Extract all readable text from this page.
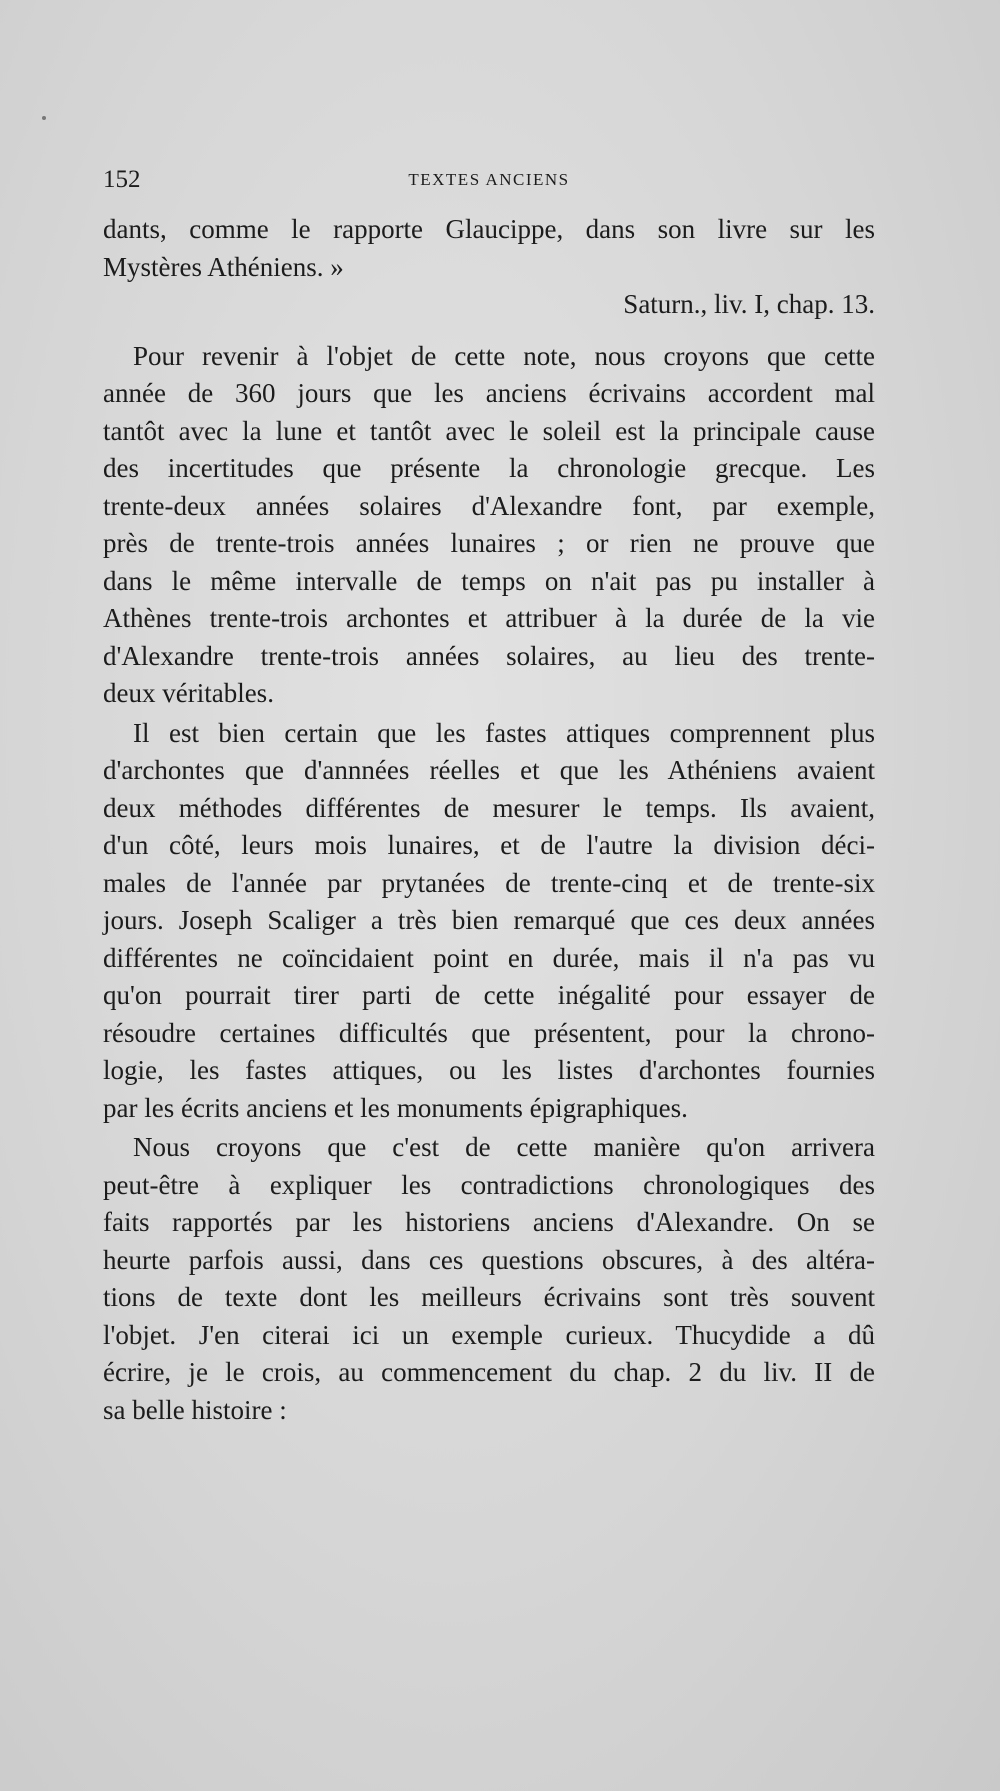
152	TEXTES ANCIENS
dants, comme le rapporte Glaucippe, dans son livre sur les
Mystères Athéniens. »
Saturn., liv. I, chap. 13.
Pour revenir à l'objet de cette note, nous croyons que cette
année de 360 jours que les anciens écrivains accordent mal
tantôt avec la lune et tantôt avec le soleil est la principale cause
des incertitudes que présente la chronologie grecque. Les
trente-deux années solaires d'Alexandre font, par exemple,
près de trente-trois années lunaires ; or rien ne prouve que
dans le même intervalle de temps on n'ait pas pu installer à
Athènes trente-trois archontes et attribuer à la durée de la vie
d'Alexandre trente-trois années solaires, au lieu des trente-
deux véritables.
Il est bien certain que les fastes attiques comprennent plus
d'archontes que d'annnées réelles et que les Athéniens avaient
deux méthodes différentes de mesurer le temps. Ils avaient,
d'un côté, leurs mois lunaires, et de l'autre la division déci-
males de l'année par prytanées de trente-cinq et de trente-six
jours. Joseph Scaliger a très bien remarqué que ces deux années
différentes ne coïncidaient point en durée, mais il n'a pas vu
qu'on pourrait tirer parti de cette inégalité pour essayer de
résoudre certaines difficultés que présentent, pour la chrono-
logie, les fastes attiques, ou les listes d'archontes fournies
par les écrits anciens et les monuments épigraphiques.
Nous croyons que c'est de cette manière qu'on arrivera
peut-être à expliquer les contradictions chronologiques des
faits rapportés par les historiens anciens d'Alexandre. On se
heurte parfois aussi, dans ces questions obscures, à des altéra-
tions de texte dont les meilleurs écrivains sont très souvent
l'objet. J'en citerai ici un exemple curieux. Thucydide a dû
écrire, je le crois, au commencement du chap. 2 du liv. II de
sa belle histoire :
